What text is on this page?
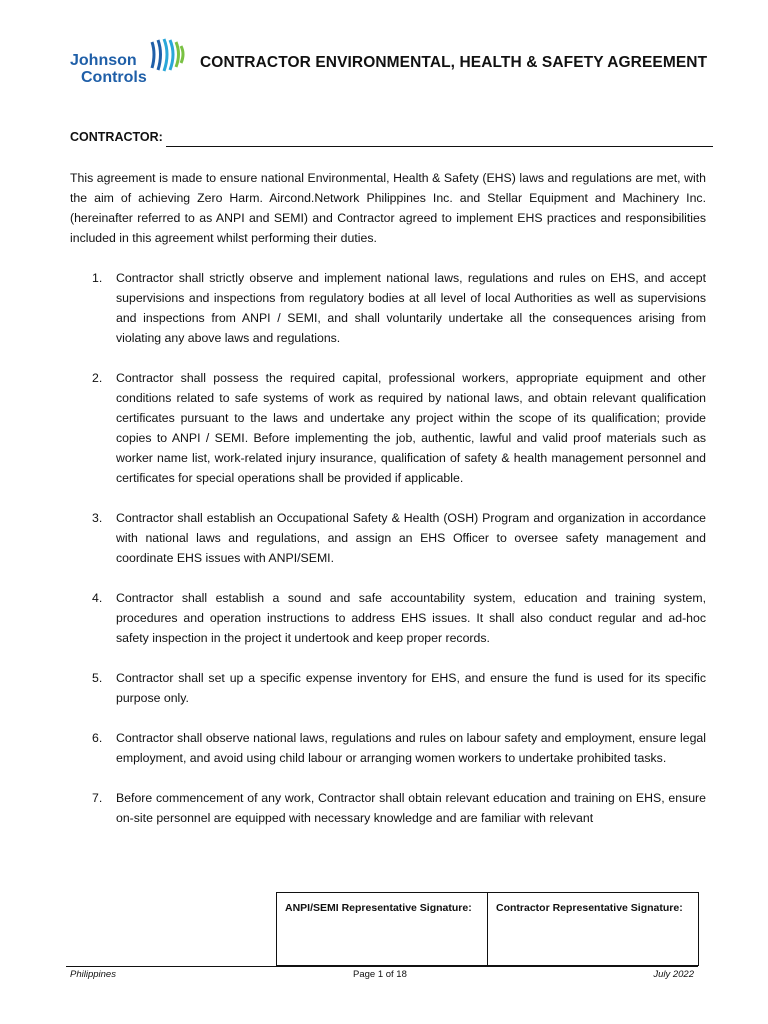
Johnson
Controls
CONTRACTOR ENVIRONMENTAL, HEALTH & SAFETY AGREEMENT
CONTRACTOR:
This agreement is made to ensure national Environmental, Health & Safety (EHS) laws and regulations are met, with the aim of achieving Zero Harm. Aircond.Network Philippines Inc. and Stellar Equipment and Machinery Inc. (hereinafter referred to as ANPI and SEMI) and Contractor agreed to implement EHS practices and responsibilities included in this agreement whilst performing their duties.
1. Contractor shall strictly observe and implement national laws, regulations and rules on EHS, and accept supervisions and inspections from regulatory bodies at all level of local Authorities as well as supervisions and inspections from ANPI / SEMI, and shall voluntarily undertake all the consequences arising from violating any above laws and regulations.
2. Contractor shall possess the required capital, professional workers, appropriate equipment and other conditions related to safe systems of work as required by national laws, and obtain relevant qualification certificates pursuant to the laws and undertake any project within the scope of its qualification; provide copies to ANPI / SEMI. Before implementing the job, authentic, lawful and valid proof materials such as worker name list, work-related injury insurance, qualification of safety & health management personnel and certificates for special operations shall be provided if applicable.
3. Contractor shall establish an Occupational Safety & Health (OSH) Program and organization in accordance with national laws and regulations, and assign an EHS Officer to oversee safety management and coordinate EHS issues with ANPI/SEMI.
4. Contractor shall establish a sound and safe accountability system, education and training system, procedures and operation instructions to address EHS issues. It shall also conduct regular and ad-hoc safety inspection in the project it undertook and keep proper records.
5. Contractor shall set up a specific expense inventory for EHS, and ensure the fund is used for its specific purpose only.
6. Contractor shall observe national laws, regulations and rules on labour safety and employment, ensure legal employment, and avoid using child labour or arranging women workers to undertake prohibited tasks.
7. Before commencement of any work, Contractor shall obtain relevant education and training on EHS, ensure on-site personnel are equipped with necessary knowledge and are familiar with relevant
ANPI/SEMI Representative Signature:	Contractor Representative Signature:
Philippines	Page 1 of 18	July 2022
